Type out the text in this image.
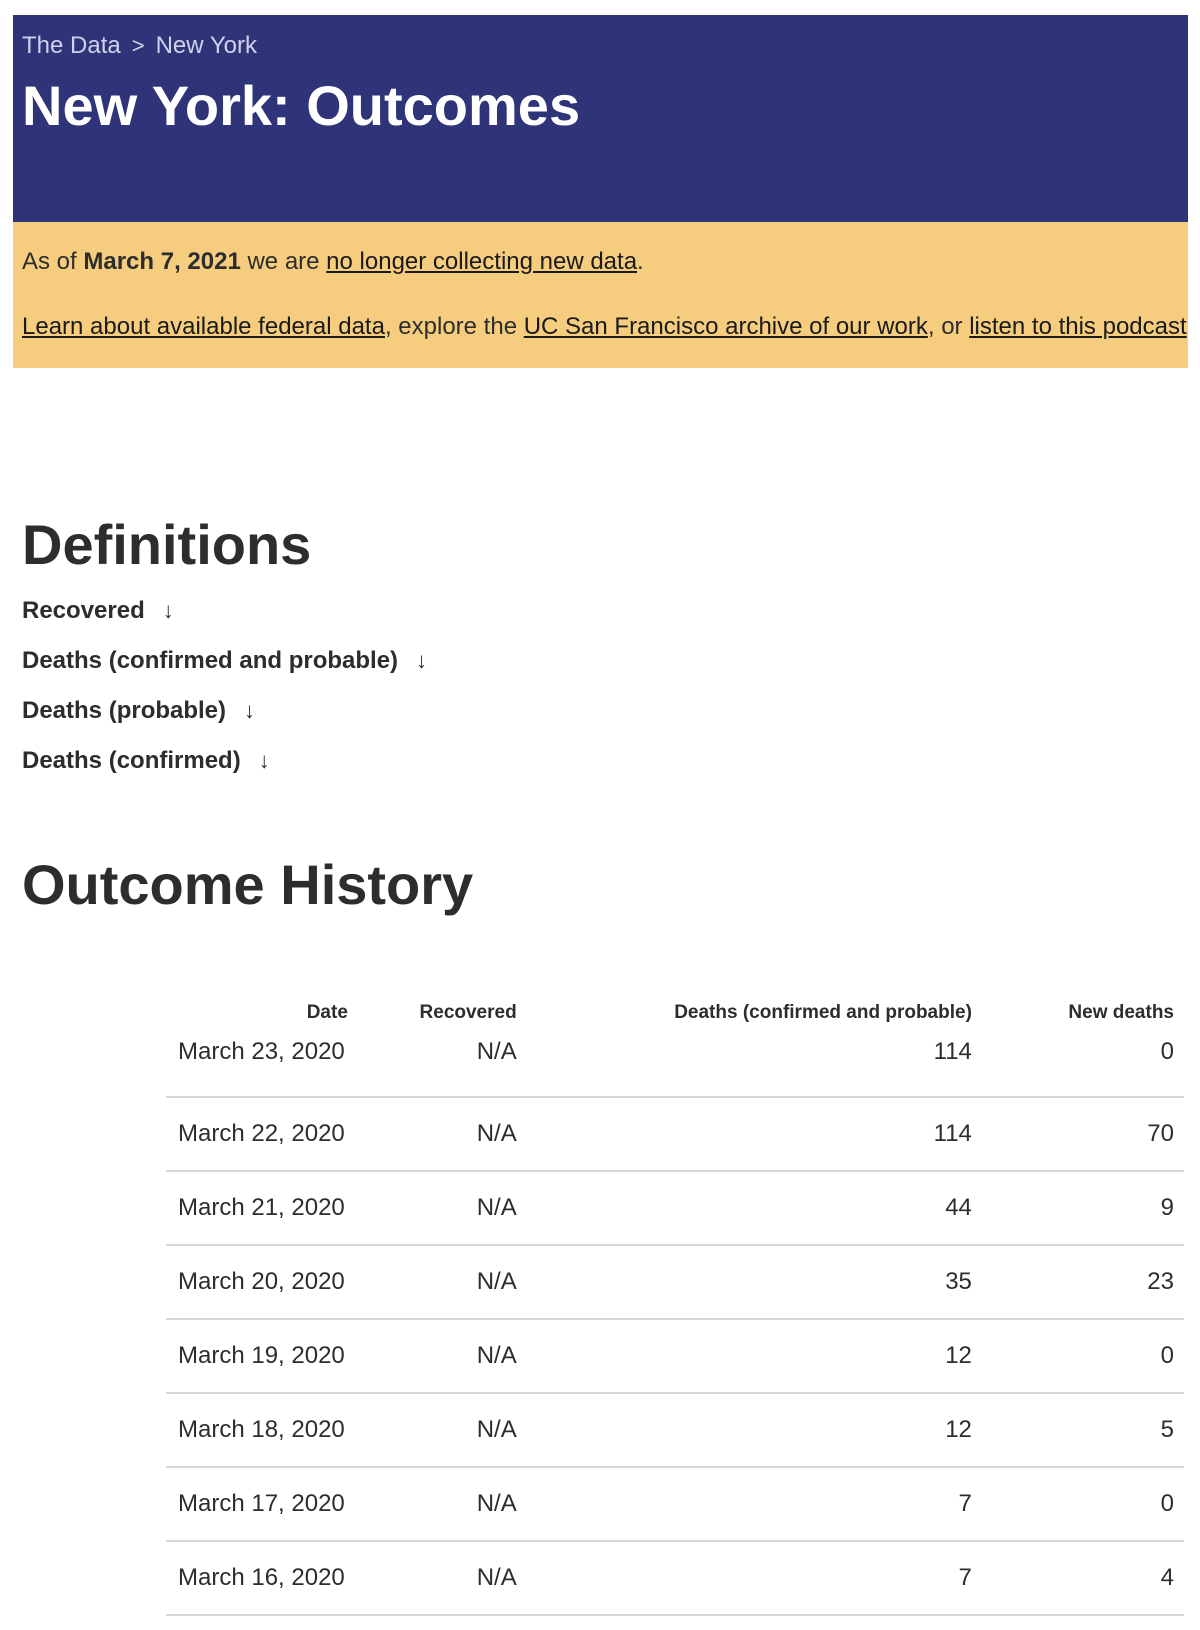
The Data > New York
New York: Outcomes
As of March 7, 2021 we are no longer collecting new data.
Learn about available federal data, explore the UC San Francisco archive of our work, or listen to this podcast
Definitions
Recovered ↓
Deaths (confirmed and probable) ↓
Deaths (probable) ↓
Deaths (confirmed) ↓
Outcome History
Date	Recovered	Deaths (confirmed and probable)	New deaths
March 23, 2020	N/A	114	0
March 22, 2020	N/A	114	70
March 21, 2020	N/A	44	9
March 20, 2020	N/A	35	23
March 19, 2020	N/A	12	0
March 18, 2020	N/A	12	5
March 17, 2020	N/A	7	0
March 16, 2020	N/A	7	4
